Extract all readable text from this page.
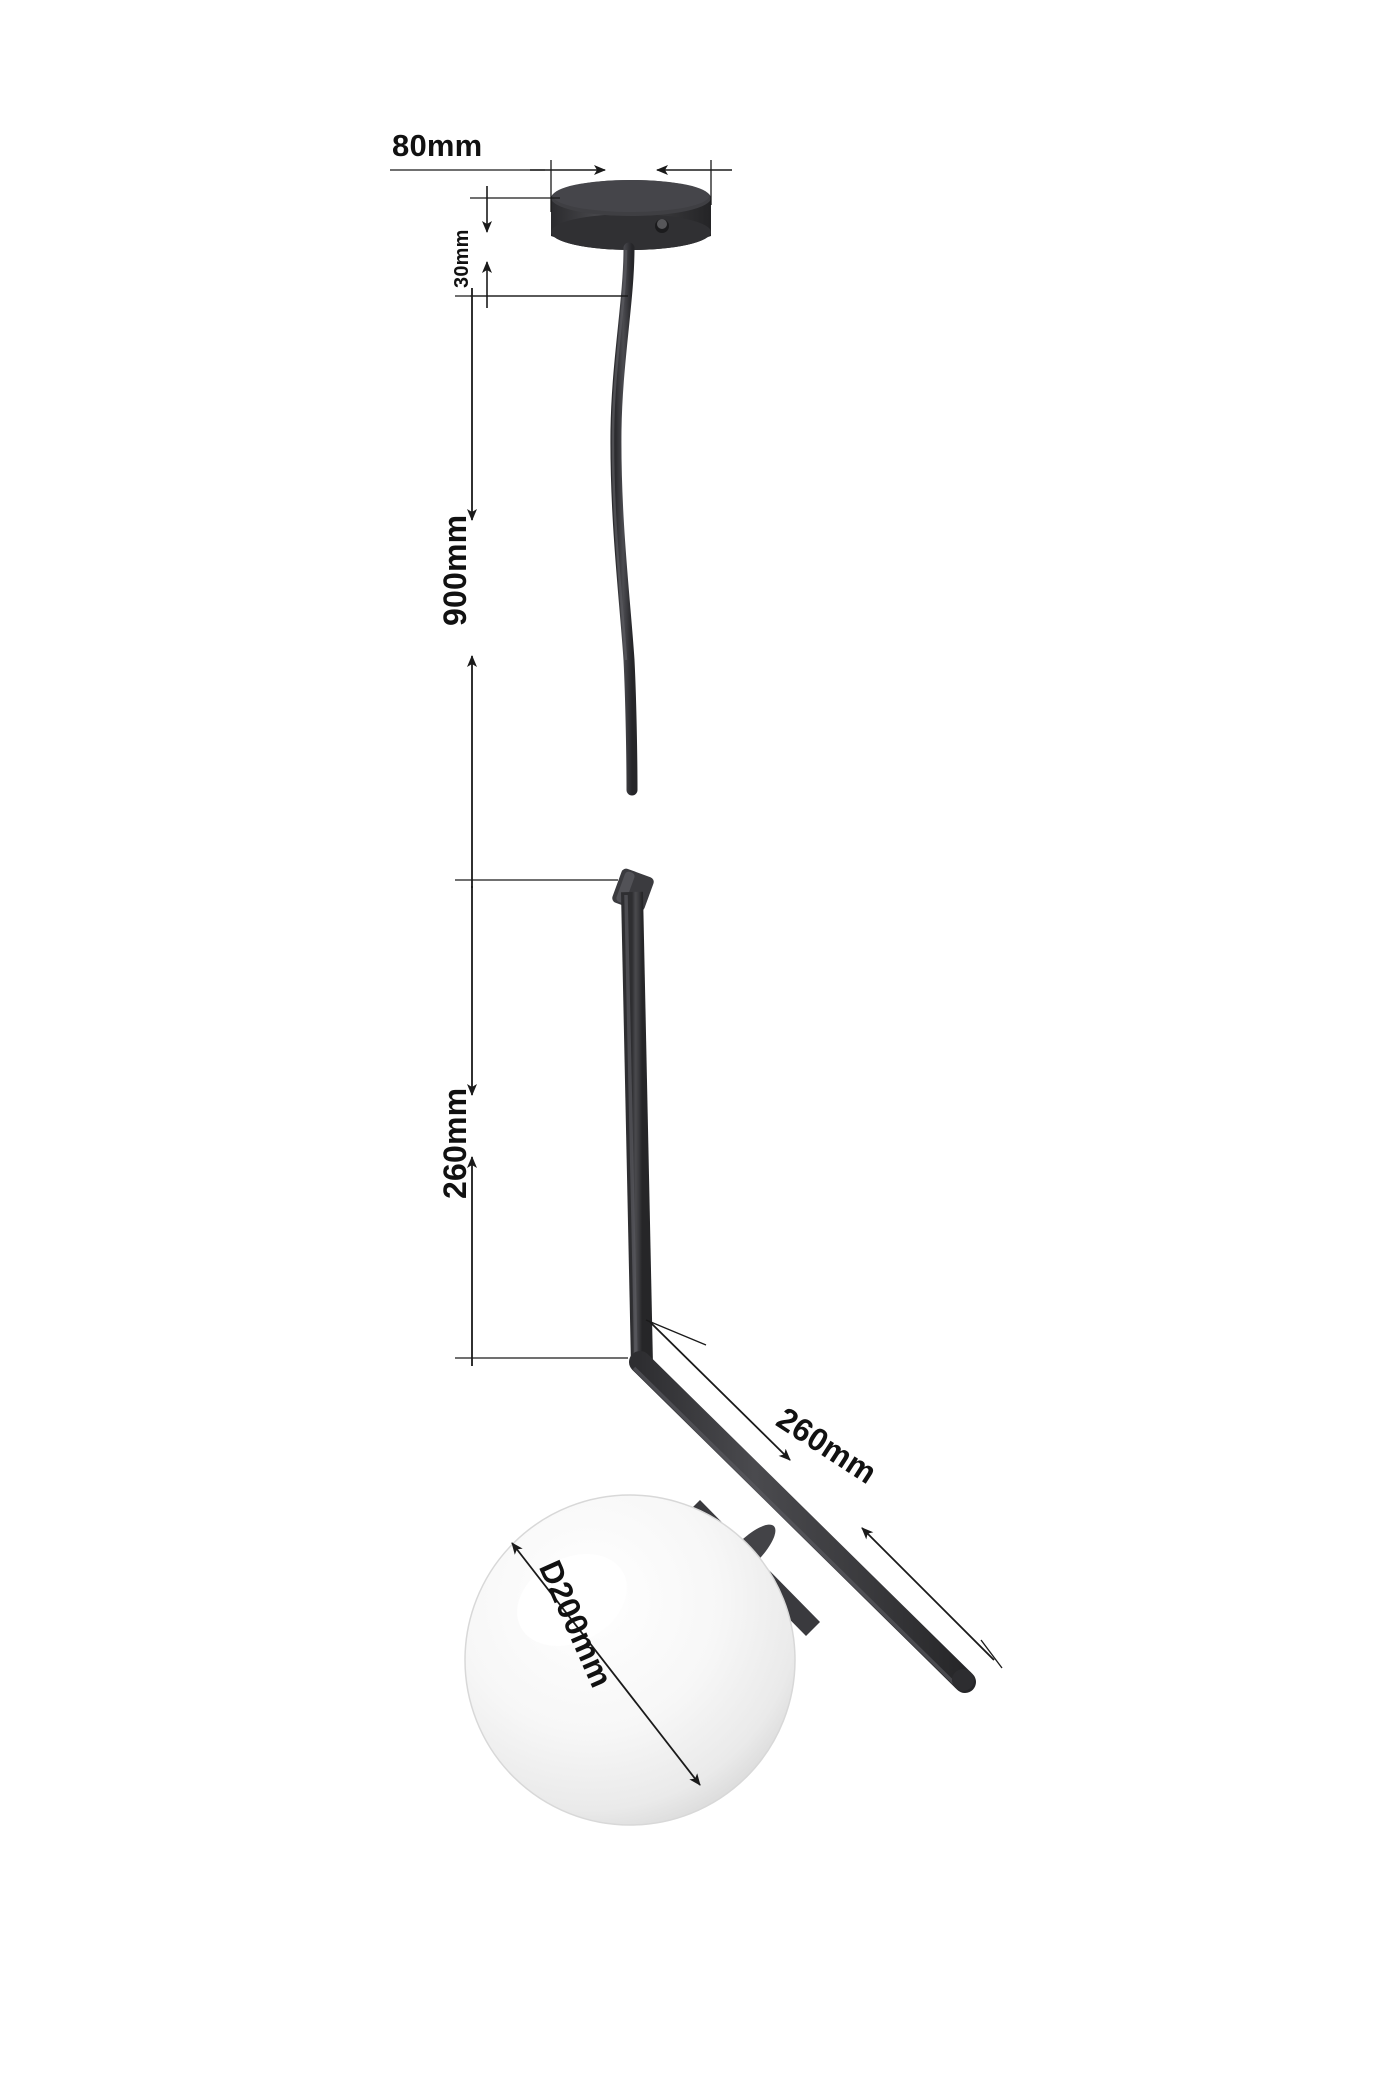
80mm
30mm
900mm
260mm
260mm
D200mm
